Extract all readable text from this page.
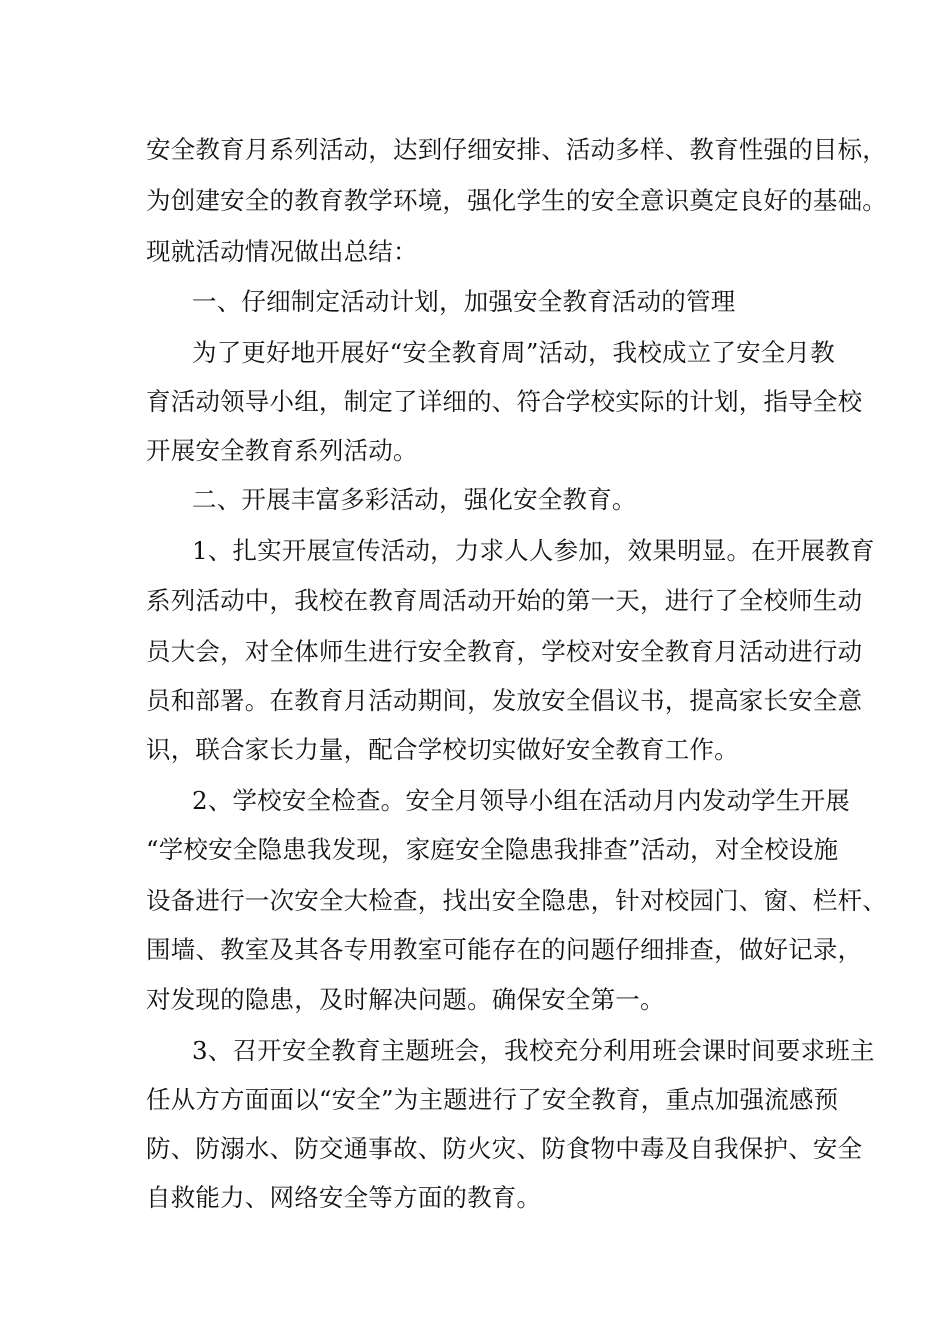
安全教育月系列活动，达到仔细安排、活动多样、教育性强的目标，
为创建安全的教育教学环境，强化学生的安全意识奠定良好的基础。
现就活动情况做出总结：
一、仔细制定活动计划，加强安全教育活动的管理
为了更好地开展好“安全教育周”活动，我校成立了安全月教
育活动领导小组，制定了详细的、符合学校实际的计划，指导全校
开展安全教育系列活动。
二、开展丰富多彩活动，强化安全教育。
1、扎实开展宣传活动，力求人人参加，效果明显。在开展教育
系列活动中，我校在教育周活动开始的第一天，进行了全校师生动
员大会，对全体师生进行安全教育，学校对安全教育月活动进行动
员和部署。在教育月活动期间，发放安全倡议书，提高家长安全意
识，联合家长力量，配合学校切实做好安全教育工作。
2、学校安全检查。安全月领导小组在活动月内发动学生开展
“学校安全隐患我发现，家庭安全隐患我排查”活动，对全校设施
设备进行一次安全大检查，找出安全隐患，针对校园门、窗、栏杆、
围墙、教室及其各专用教室可能存在的问题仔细排查，做好记录，
对发现的隐患，及时解决问题。确保安全第一。
3、召开安全教育主题班会，我校充分利用班会课时间要求班主
任从方方面面以“安全”为主题进行了安全教育，重点加强流感预
防、防溺水、防交通事故、防火灾、防食物中毒及自我保护、安全
自救能力、网络安全等方面的教育。
